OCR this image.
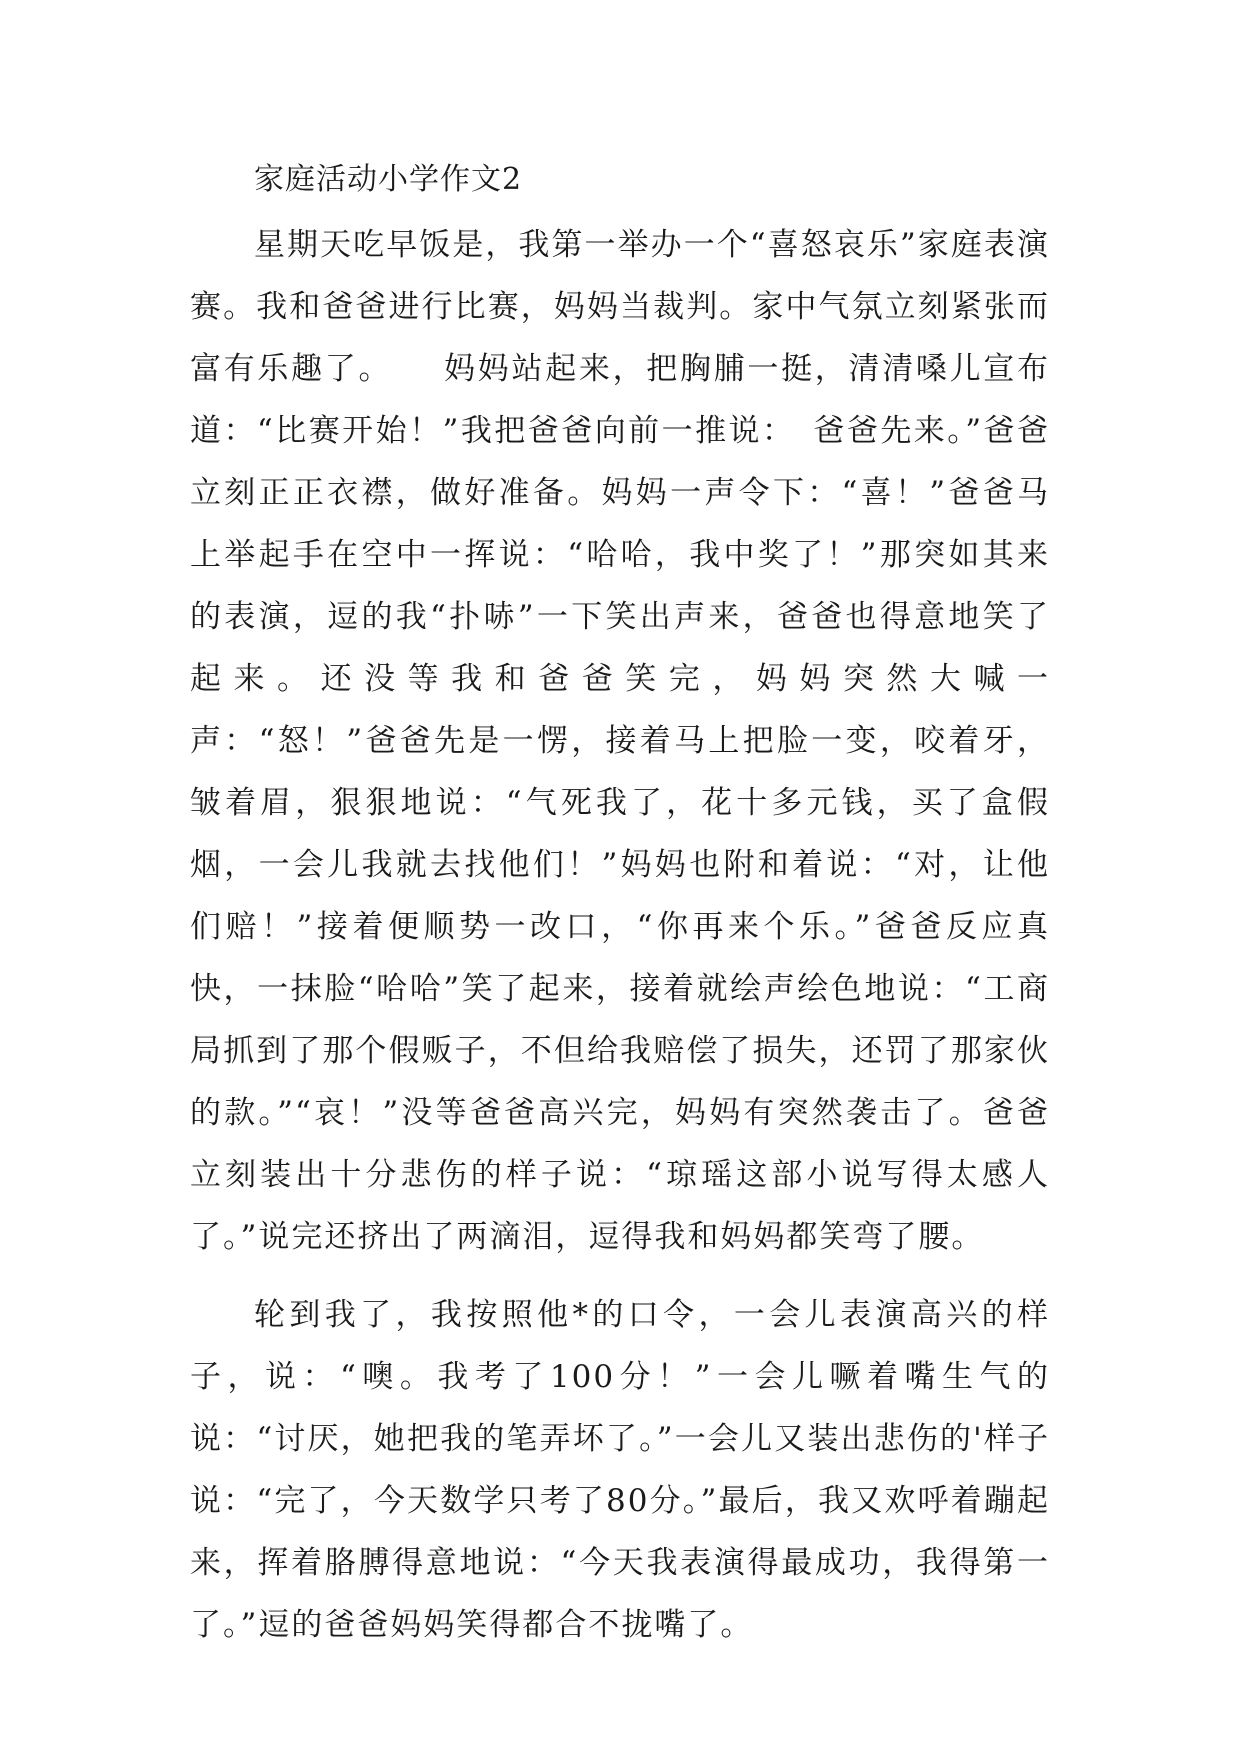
家庭活动小学作文2

星期天吃早饭是，我第一举办一个“喜怒哀乐”家庭表演赛。我和爸爸进行比赛，妈妈当裁判。家中气氛立刻紧张而富有乐趣了。　　妈妈站起来，把胸脯一挺，清清嗓儿宣布道：“比赛开始！”我把爸爸向前一推说：　爸爸先来。”爸爸立刻正正衣襟，做好准备。妈妈一声令下：“喜！”爸爸马上举起手在空中一挥说：“哈哈，我中奖了！”那突如其来的表演，逗的我“扑哧”一下笑出声来，爸爸也得意地笑了起来。还没等我和爸爸笑完，妈妈突然大喊一声：“怒！”爸爸先是一愣，接着马上把脸一变，咬着牙，皱着眉，狠狠地说：“气死我了，花十多元钱，买了盒假烟，一会儿我就去找他们！”妈妈也附和着说：“对，让他们赔！”接着便顺势一改口，“你再来个乐。”爸爸反应真快，一抹脸“哈哈”笑了起来，接着就绘声绘色地说：“工商局抓到了那个假贩子，不但给我赔偿了损失，还罚了那家伙的款。”“哀！”没等爸爸高兴完，妈妈有突然袭击了。爸爸立刻装出十分悲伤的样子说：“琼瑶这部小说写得太感人了。”说完还挤出了两滴泪，逗得我和妈妈都笑弯了腰。

轮到我了，我按照他*的口令，一会儿表演高兴的样子，说：“噢。我考了100分！”一会儿噘着嘴生气的说：“讨厌，她把我的笔弄坏了。”一会儿又装出悲伤的'样子说：“完了，今天数学只考了80分。”最后，我又欢呼着蹦起来，挥着胳膊得意地说：“今天我表演得最成功，我得第一了。”逗的爸爸妈妈笑得都合不拢嘴了。
